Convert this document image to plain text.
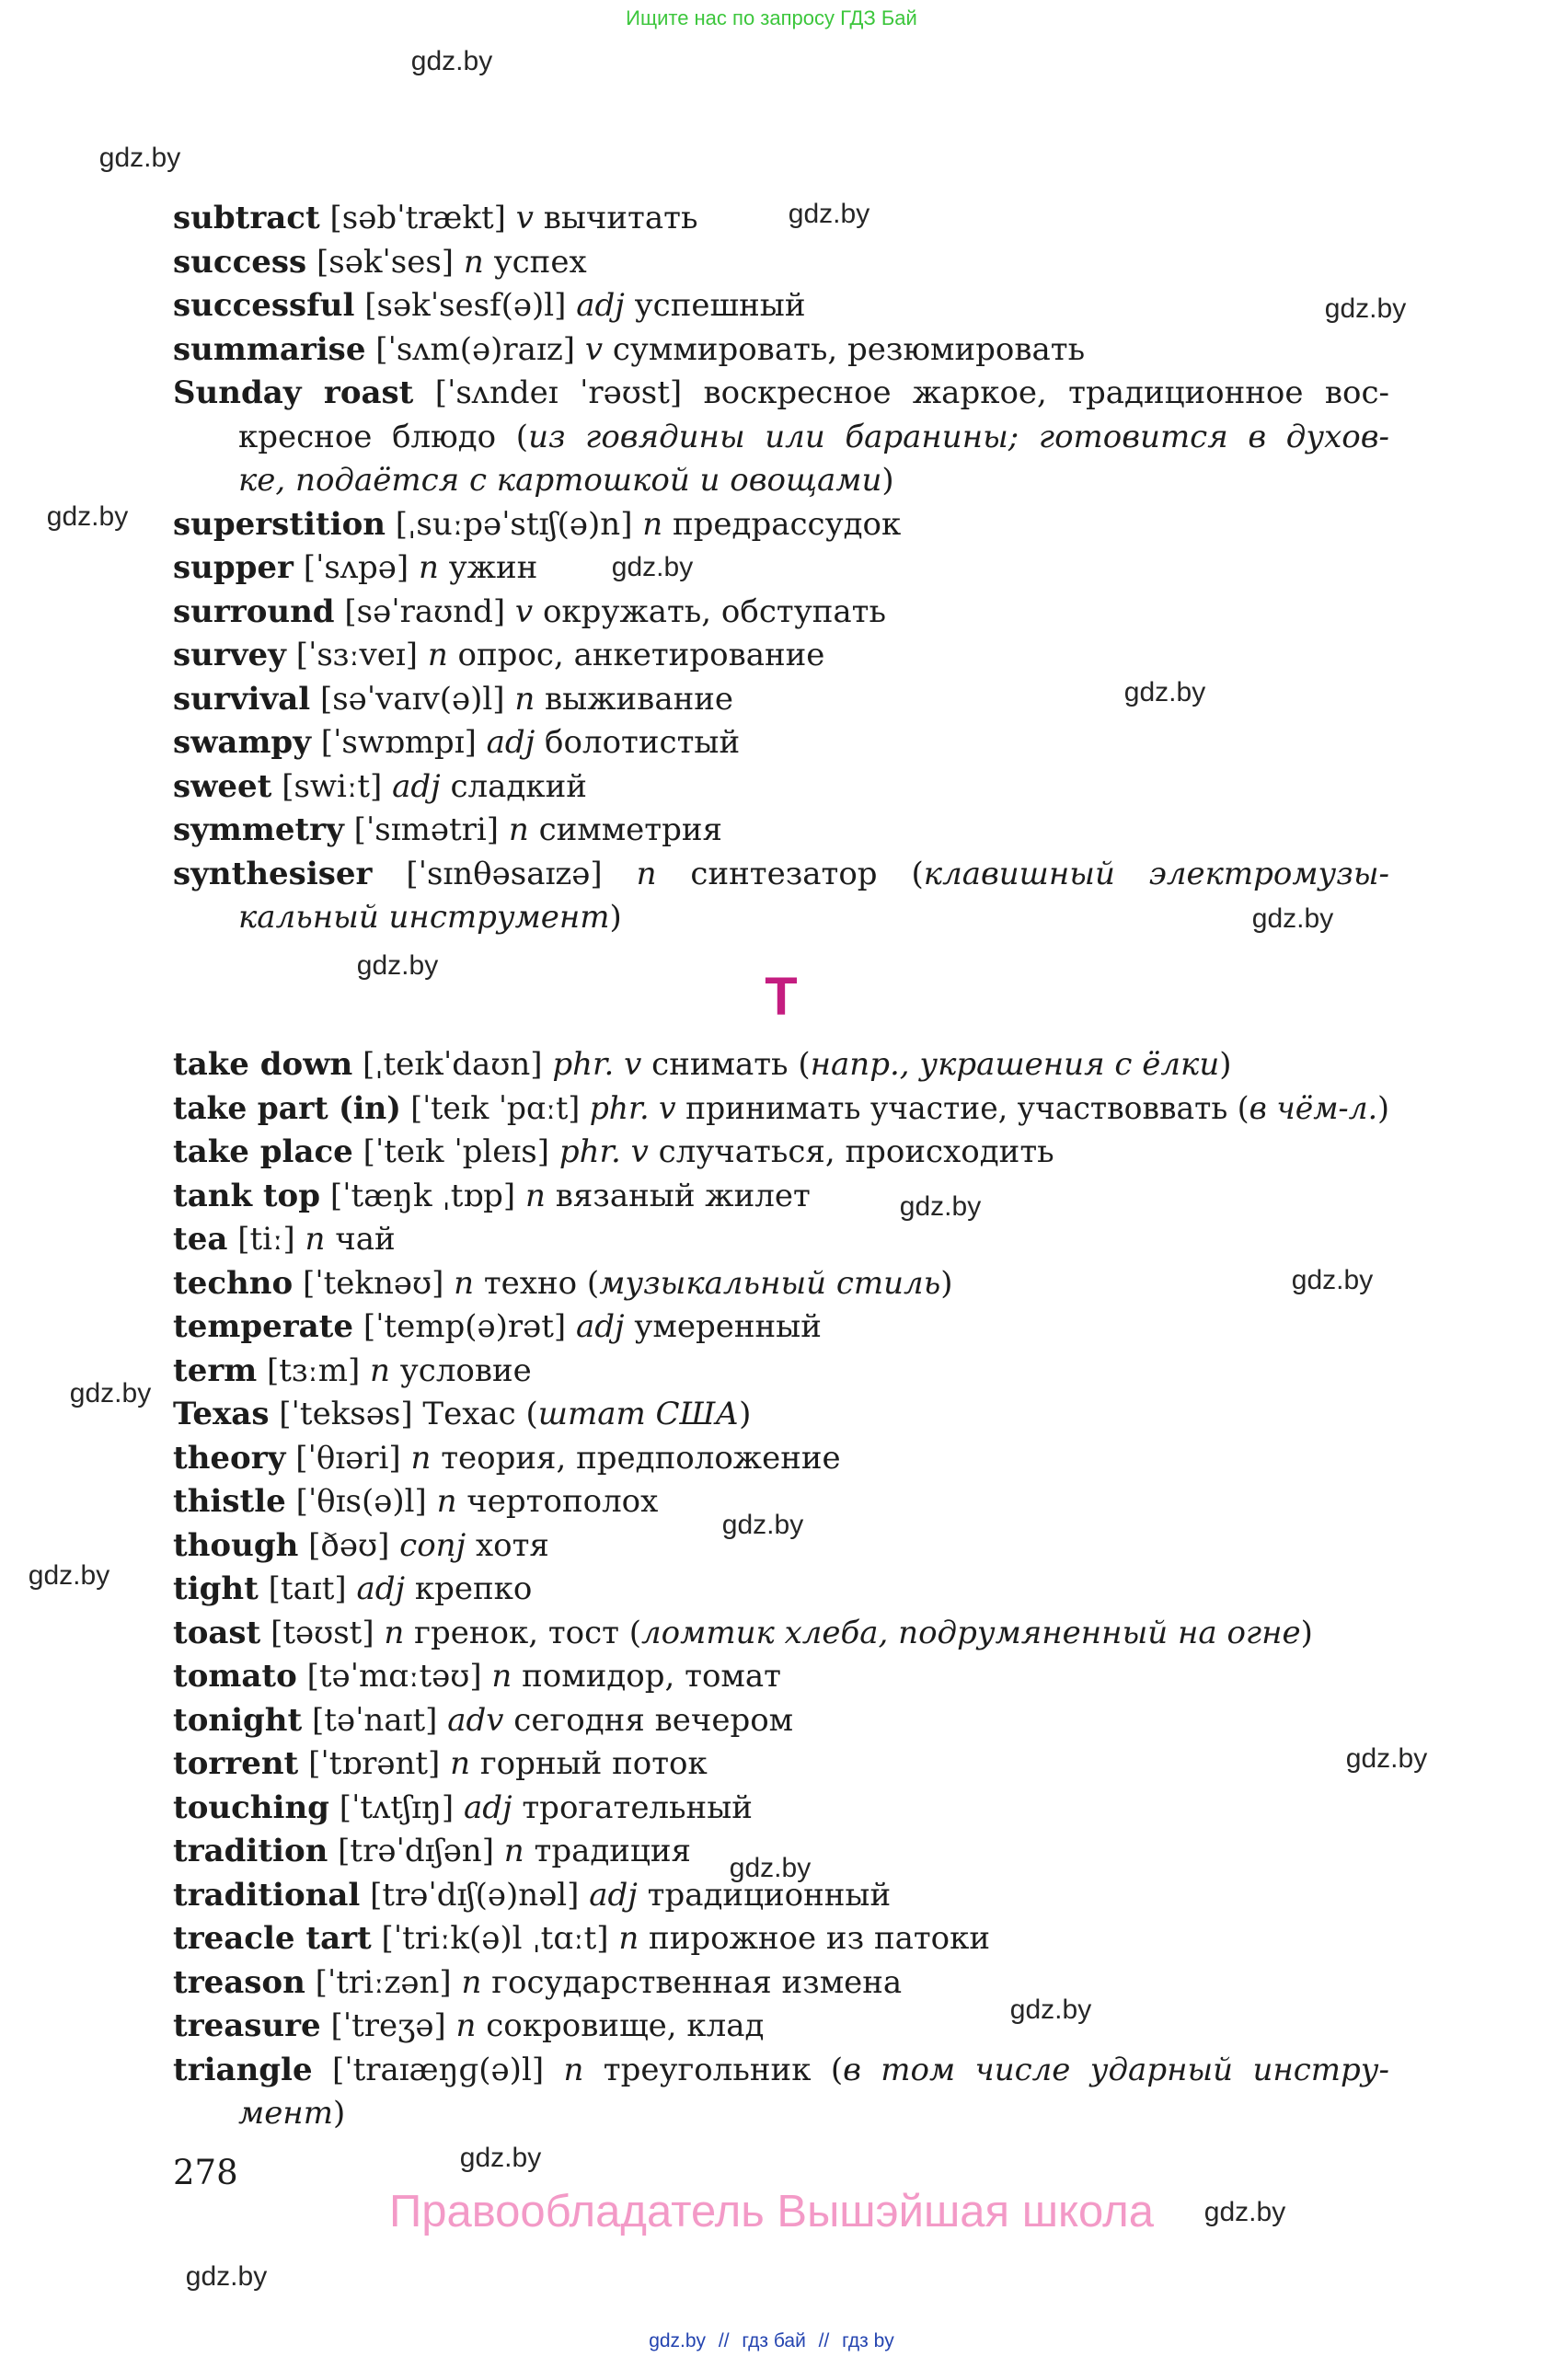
Ищите нас по запросу ГДЗ Бай
subtract [səbˈtrækt] v вычитать
success [səkˈses] n успех
successful [səkˈsesf(ə)l] adj успешный
summarise [ˈsʌm(ə)raɪz] v суммировать, резюмировать
Sunday roast [ˈsʌndeɪ ˈrəʊst] воскресное жаркое, традиционное вос-
кресное блюдо (из говядины или баранины; готовится в духов-
ке, подаётся с картошкой и овощами)
superstition [ˌsuːpəˈstɪʃ(ə)n] n предрассудок
supper [ˈsʌpə] n ужин
surround [səˈraʊnd] v окружать, обступать
survey [ˈsɜːveɪ] n опрос, анкетирование
survival [səˈvaɪv(ə)l] n выживание
swampy [ˈswɒmpɪ] adj болотистый
sweet [swiːt] adj сладкий
symmetry [ˈsɪmətri] n симметрия
synthesiser [ˈsɪnθəsaɪzə] n синтезатор (клавишный электромузы-
кальный инструмент)
T
take down [ˌteɪkˈdaʊn] phr. v снимать (напр., украшения с ёлки)
take part (in) [ˈteɪk ˈpɑːt] phr. v принимать участие, участвоввать (в чём-л.)
take place [ˈteɪk ˈpleɪs] phr. v случаться, происходить
tank top [ˈtæŋk ˌtɒp] n вязаный жилет
tea [tiː] n чай
techno [ˈteknəʊ] n техно (музыкальный стиль)
temperate [ˈtemp(ə)rət] adj умеренный
term [tɜːm] n условие
Texas [ˈteksəs] Техас (штат США)
theory [ˈθɪəri] n теория, предположение
thistle [ˈθɪs(ə)l] n чертополох
though [ðəʊ] conj хотя
tight [taɪt] adj крепко
toast [təʊst] n гренок, тост (ломтик хлеба, подрумяненный на огне)
tomato [təˈmɑːtəʊ] n помидор, томат
tonight [təˈnaɪt] adv сегодня вечером
torrent [ˈtɒrənt] n горный поток
touching [ˈtʌtʃɪŋ] adj трогательный
tradition [trəˈdɪʃən] n традиция
traditional [trəˈdɪʃ(ə)nəl] adj традиционный
treacle tart [ˈtriːk(ə)l ˌtɑːt] n пирожное из патоки
treason [ˈtriːzən] n государственная измена
treasure [ˈtreʒə] n сокровище, клад
triangle [ˈtraɪæŋɡ(ə)l] n треугольник (в том числе ударный инстру-
мент)
278
Правообладатель Вышэйшая школа
gdz.by // гдз бай // гдз by
gdz.by
gdz.by
gdz.by
gdz.by
gdz.by
gdz.by
gdz.by
gdz.by
gdz.by
gdz.by
gdz.by
gdz.by
gdz.by
gdz.by
gdz.by
gdz.by
gdz.by
gdz.by
gdz.by
gdz.by
